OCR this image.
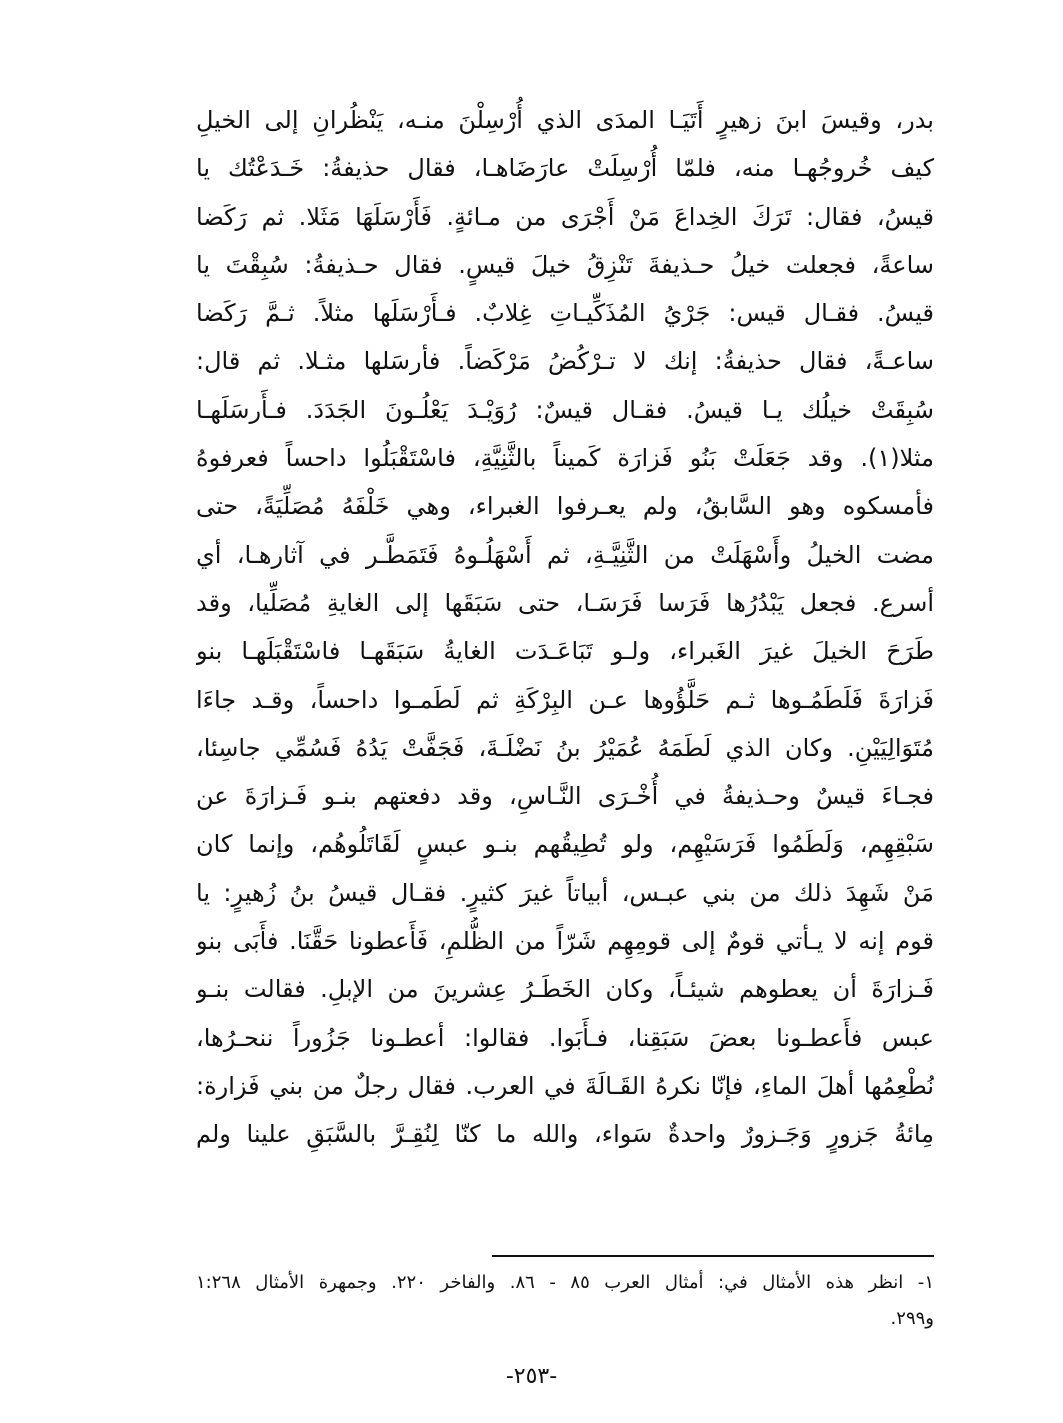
بدر، وقيسَ ابنَ زهيرٍ أَتَيَـا المدَى الذي أُرْسِلْنَ منـه، يَنْظُرانِ إلى الخيلِ
كيف خُروجُهـا منه، فلمّا أُرْسِلَتْ عارَضَاهـا، فقال حذيفةُ: خَـدَعْتُك يا
قيسُ، فقال: تَرَكَ الخِداعَ مَنْ أَجْرَى من مـائةٍ. فَأَرْسَلَهَا مَثَلا. ثم رَكَضا
ساعةً، فجعلت خيلُ حـذيفةَ تَنْزِقُ خيلَ قيسٍ. فقال حـذيفةُ: سُبِقْتَ يا
قيسُ. فقـال قيس: جَرْيُ المُذَكِّيـاتِ غِلابٌ. فـأَرْسَلَها مثلاً. ثـمَّ رَكَضا
ساعـةً، فقال حذيفةُ: إنك لا تـرْكُضُ مَرْكَضاً. فأرسَلها مثـلا. ثم قال:
سُبِقَتْ خيلُك يـا قيسُ. فقـال قيسٌ: رُوَيْـدَ يَعْلُـونَ الجَدَدَ. فـأَرسَلَهـا
مثلا(١). وقد جَعَلَتْ بَنُو فَزارَة كَميناً بالثَّنِيَّةِ، فاسْتَقْبَلُوا داحساً فعرفوهُ
فأمسكوه وهو السَّابقُ، ولم يعـرفوا الغبراء، وهي خَلْفَهُ مُصَلِّيَةً، حتى
مضت الخيلُ وأَسْهَلَتْ من الثَّنِيَّـةِ، ثم أَسْهَلُـوهُ فَتَمَطَّـر في آثارهـا، أي
أسرع. فجعل يَبْدُرُها فَرَسا فَرَسَـا، حتى سَبَقَها إلى الغايةِ مُصَلِّيا، وقد
طَرَحَ الخيلَ غيرَ الغَبراء، ولـو تَبَاعَـدَت الغايةُ سَبَقَهـا فاسْتَقْبَلَهـا بنو
فَزارَةَ فَلَطَمُـوها ثـم حَلَّؤُوها عـن البِرْكَةِ ثم لَطَمـوا داحساً، وقـد جاءَا
مُتَوَالِيَيْنِ. وكان الذي لَطَمَهُ عُمَيْرُ بنُ نَضْلَـةَ، فَجَفَّتْ يَدُهُ فَسُمِّي جاسِئا،
فجـاءَ قيسٌ وحـذيفةُ في أُخْـرَى النَّـاسِ، وقد دفعتهم بنـو فَـزارَةَ عن
سَبْقِهِم، وَلَطَمُوا فَرَسَيْهِم، ولو تُطِيقُهم بنـو عبسٍ لَقَاتَلُوهُم، وإنما كان
مَنْ شَهِدَ ذلك من بني عبـس، أبياتاً غيرَ كثيرٍ. فقـال قيسُ بنُ زُهيرٍ: يا
قوم إنه لا يـأتي قومٌ إلى قومِهِم شَرّاً من الظُّلمِ، فَأَعطونا حَقَّنَا. فأَبَى بنو
فَـزارَةَ أن يعطوهم شيئـاً، وكان الخَطَـرُ عِشرينَ من الإبلِ. فقالت بنـو
عبس فأَعطـونا بعضَ سَبَقِنا، فـأَبَوا. فقالوا: أعطـونا جَزُوراً ننحـرُها،
نُطْعِمُها أهلَ الماءِ، فإنّا نكرهُ القَـالَةَ في العرب. فقال رجلٌ من بني فَزارة:
مِائةُ جَزورٍ وَجَـزورٌ واحدةٌ سَواء، والله ما كنّا لِنُقِـرَّ بالسَّبَقِ علينا ولم
١- انظر هذه الأمثال في: أمثال العرب ٨٥ - ٨٦. والفاخر ٢٢٠. وجمهرة الأمثال ١:٢٦٨
و٢٩٩.
-٢٥٣-
